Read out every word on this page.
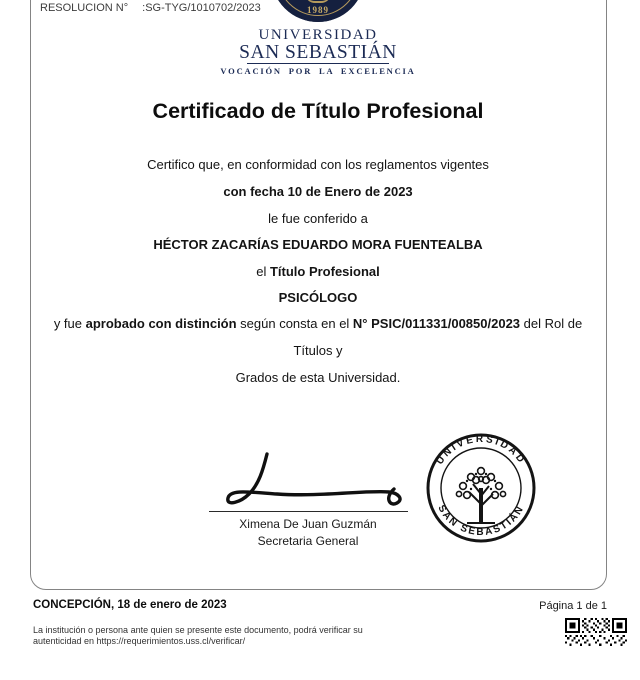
RESOLUCION N° :SG-TYG/1010702/2023	1989
UNIVERSIDAD
SAN SEBASTIÁN
VOCACIÓN POR LA EXCELENCIA
Certificado de Título Profesional
Certifico que, en conformidad con los reglamentos vigentes
con fecha 10 de Enero de 2023
le fue conferido a
HÉCTOR ZACARÍAS EDUARDO MORA FUENTEALBA
el Título Profesional
PSICÓLOGO
y fue aprobado con distinción según consta en el N° PSIC/011331/00850/2023 del Rol de
Títulos y
Grados de esta Universidad.
Ximena De Juan Guzmán
Secretaria General
UNIVERSIDAD
SAN SEBASTIÁN
CONCEPCIÓN, 18 de enero de 2023	Página 1 de 1
La institución o persona ante quien se presente este documento, podrá verificar su
autenticidad en https://requerimientos.uss.cl/verificar/
